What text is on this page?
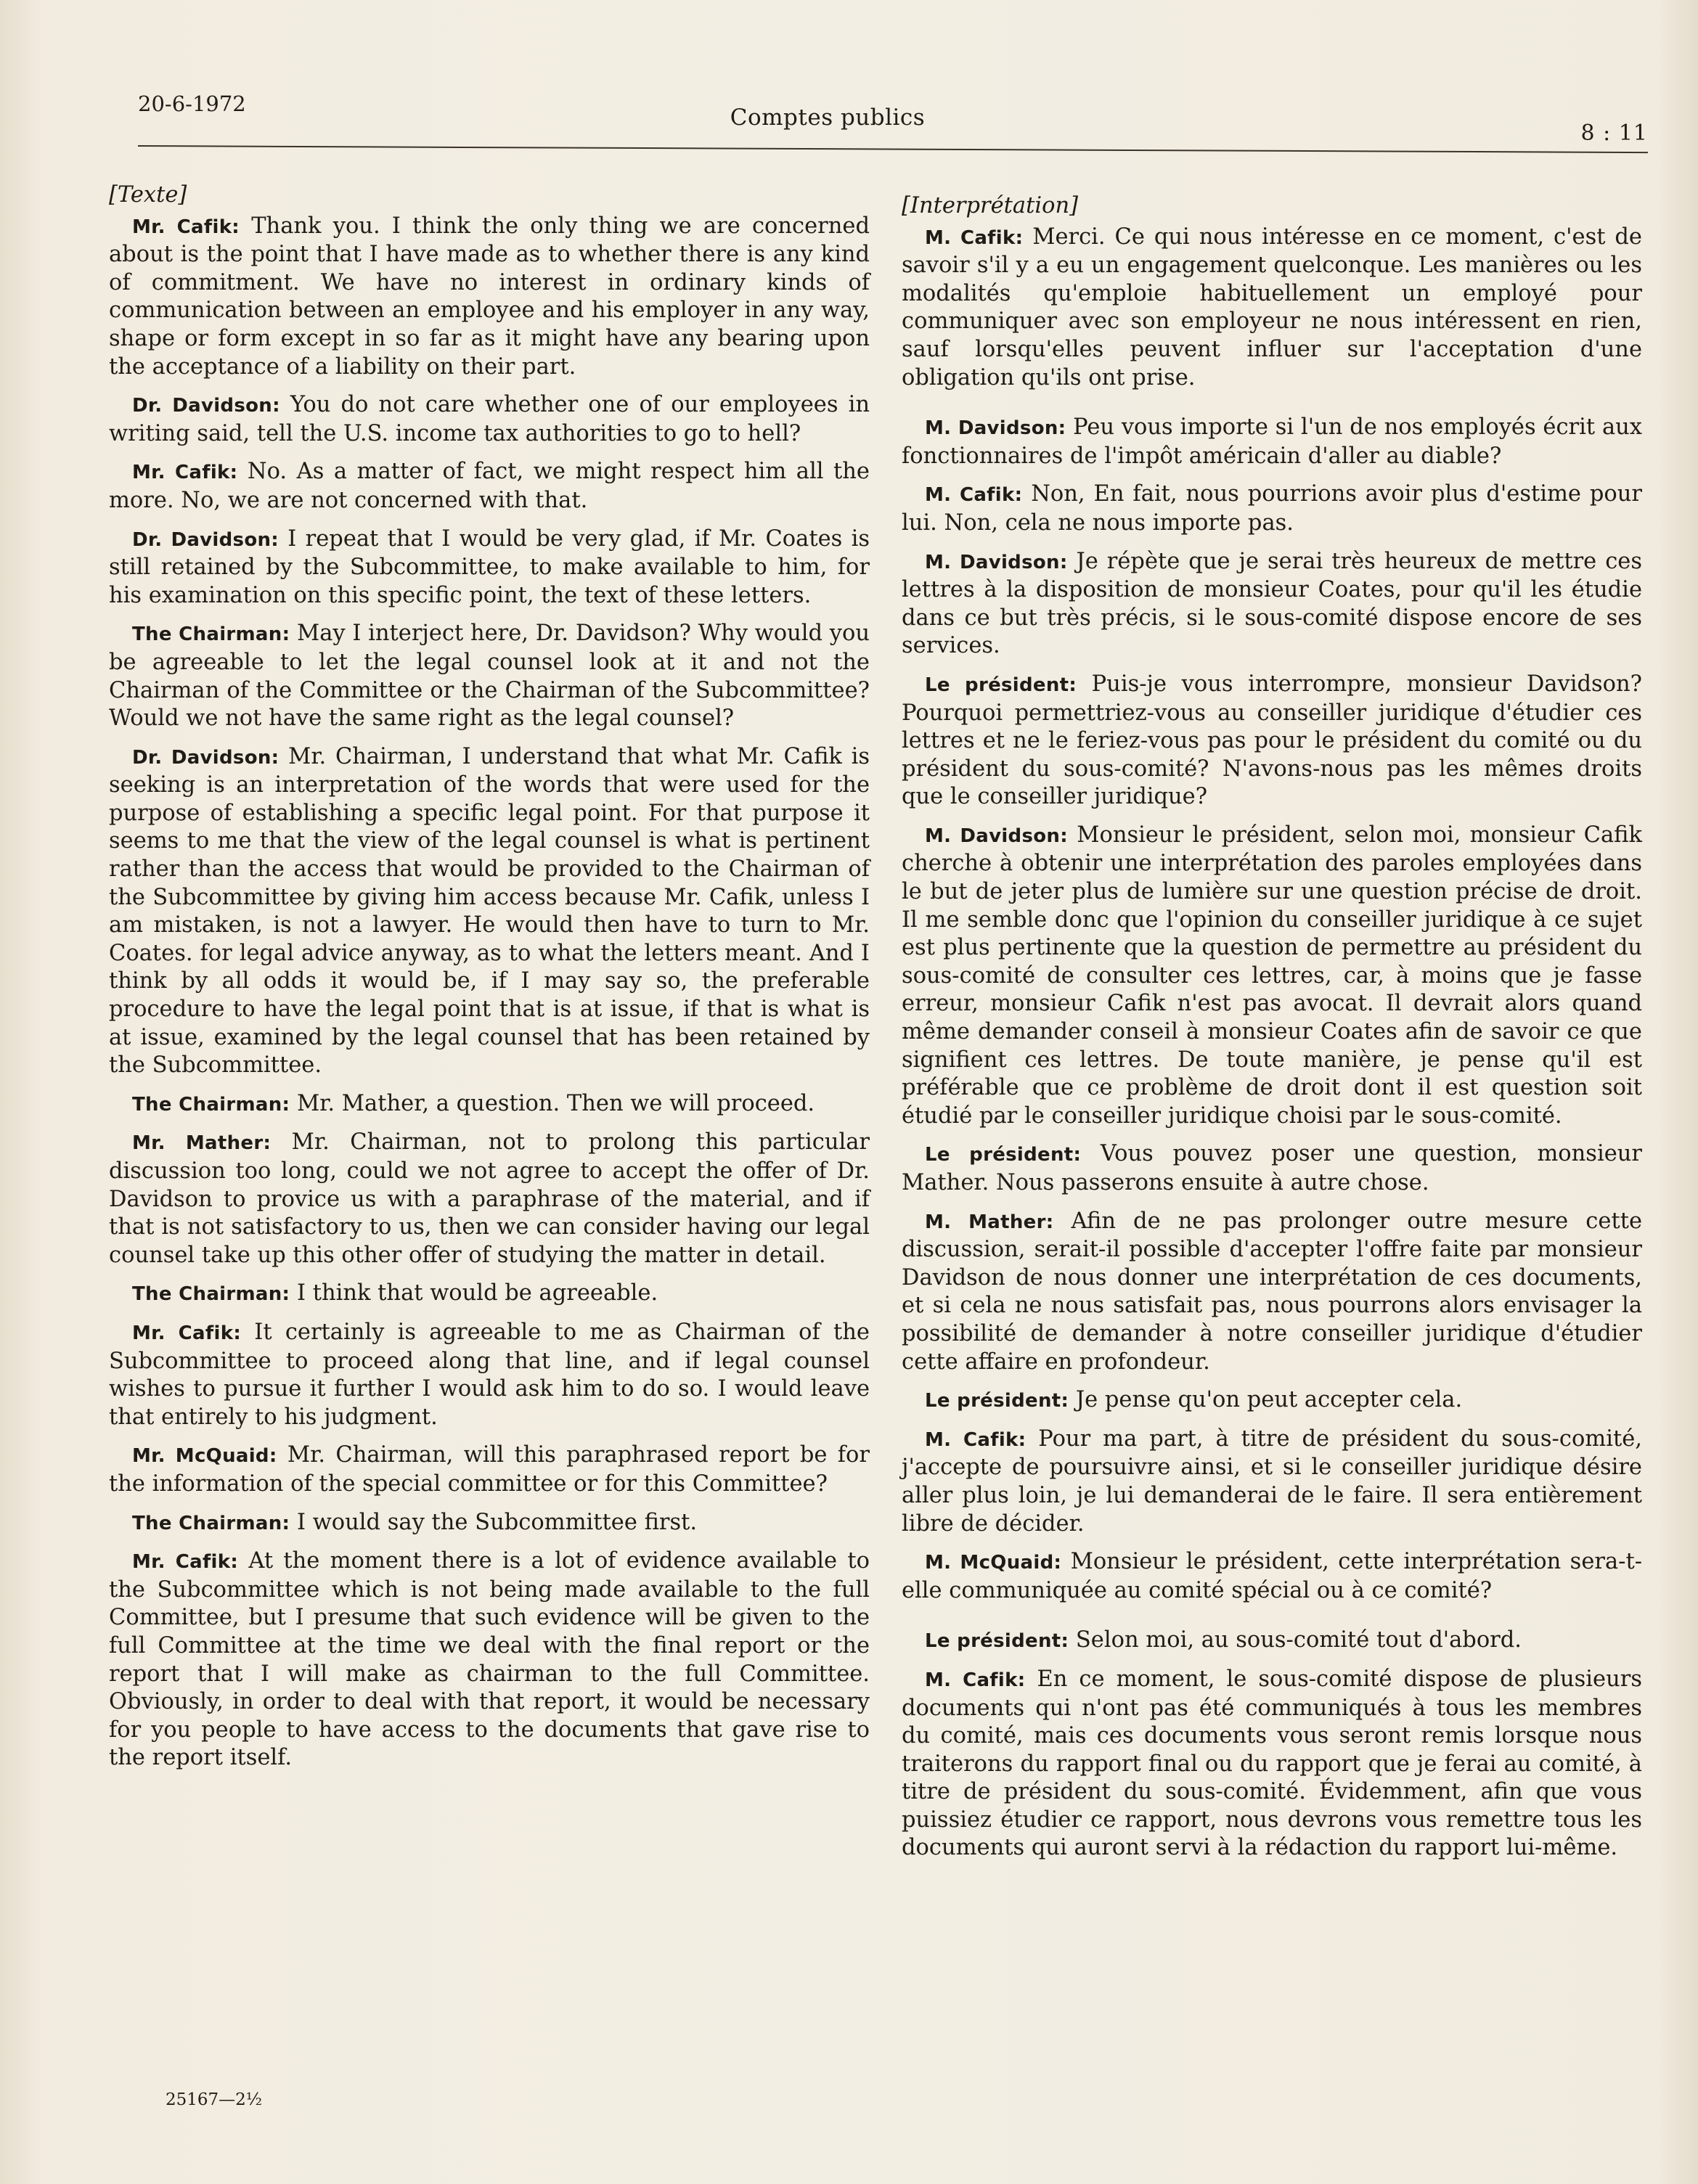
20-6-1972
Comptes publics
8 : 11
[Texte]

Mr. Cafik: Thank you. I think the only thing we are concerned about is the point that I have made as to whether there is any kind of commitment. We have no interest in ordinary kinds of communication between an employee and his employer in any way, shape or form except in so far as it might have any bearing upon the acceptance of a liability on their part.

Dr. Davidson: You do not care whether one of our employees in writing said, tell the U.S. income tax authorities to go to hell?

Mr. Cafik: No. As a matter of fact, we might respect him all the more. No, we are not concerned with that.

Dr. Davidson: I repeat that I would be very glad, if Mr. Coates is still retained by the Subcommittee, to make available to him, for his examination on this specific point, the text of these letters.

The Chairman: May I interject here, Dr. Davidson? Why would you be agreeable to let the legal counsel look at it and not the Chairman of the Committee or the Chairman of the Subcommittee? Would we not have the same right as the legal counsel?

Dr. Davidson: Mr. Chairman, I understand that what Mr. Cafik is seeking is an interpretation of the words that were used for the purpose of establishing a specific legal point. For that purpose it seems to me that the view of the legal counsel is what is pertinent rather than the access that would be provided to the Chairman of the Subcommittee by giving him access because Mr. Cafik, unless I am mistaken, is not a lawyer. He would then have to turn to Mr. Coates. for legal advice anyway, as to what the letters meant. And I think by all odds it would be, if I may say so, the preferable procedure to have the legal point that is at issue, if that is what is at issue, examined by the legal counsel that has been retained by the Subcommittee.

The Chairman: Mr. Mather, a question. Then we will proceed.

Mr. Mather: Mr. Chairman, not to prolong this particular discussion too long, could we not agree to accept the offer of Dr. Davidson to provice us with a paraphrase of the material, and if that is not satisfactory to us, then we can consider having our legal counsel take up this other offer of studying the matter in detail.

The Chairman: I think that would be agreeable.

Mr. Cafik: It certainly is agreeable to me as Chairman of the Subcommittee to proceed along that line, and if legal counsel wishes to pursue it further I would ask him to do so. I would leave that entirely to his judgment.

Mr. McQuaid: Mr. Chairman, will this paraphrased report be for the information of the special committee or for this Committee?

The Chairman: I would say the Subcommittee first.

Mr. Cafik: At the moment there is a lot of evidence available to the Subcommittee which is not being made available to the full Committee, but I presume that such evidence will be given to the full Committee at the time we deal with the final report or the report that I will make as chairman to the full Committee. Obviously, in order to deal with that report, it would be necessary for you people to have access to the documents that gave rise to the report itself.

[Interprétation]

M. Cafik: Merci. Ce qui nous intéresse en ce moment, c'est de savoir s'il y a eu un engagement quelconque. Les manières ou les modalités qu'emploie habituellement un employé pour communiquer avec son employeur ne nous intéressent en rien, sauf lorsqu'elles peuvent influer sur l'acceptation d'une obligation qu'ils ont prise.

M. Davidson: Peu vous importe si l'un de nos employés écrit aux fonctionnaires de l'impôt américain d'aller au diable?

M. Cafik: Non, En fait, nous pourrions avoir plus d'estime pour lui. Non, cela ne nous importe pas.

M. Davidson: Je répète que je serai très heureux de mettre ces lettres à la disposition de monsieur Coates, pour qu'il les étudie dans ce but très précis, si le sous-comité dispose encore de ses services.

Le président: Puis-je vous interrompre, monsieur Davidson? Pourquoi permettriez-vous au conseiller juridique d'étudier ces lettres et ne le feriez-vous pas pour le président du comité ou du président du sous-comité? N'avons-nous pas les mêmes droits que le conseiller juridique?

M. Davidson: Monsieur le président, selon moi, monsieur Cafik cherche à obtenir une interprétation des paroles employées dans le but de jeter plus de lumière sur une question précise de droit. Il me semble donc que l'opinion du conseiller juridique à ce sujet est plus pertinente que la question de permettre au président du sous-comité de consulter ces lettres, car, à moins que je fasse erreur, monsieur Cafik n'est pas avocat. Il devrait alors quand même demander conseil à monsieur Coates afin de savoir ce que signifient ces lettres. De toute manière, je pense qu'il est préférable que ce problème de droit dont il est question soit étudié par le conseiller juridique choisi par le sous-comité.

Le président: Vous pouvez poser une question, monsieur Mather. Nous passerons ensuite à autre chose.

M. Mather: Afin de ne pas prolonger outre mesure cette discussion, serait-il possible d'accepter l'offre faite par monsieur Davidson de nous donner une interprétation de ces documents, et si cela ne nous satisfait pas, nous pourrons alors envisager la possibilité de demander à notre conseiller juridique d'étudier cette affaire en profondeur.

Le président: Je pense qu'on peut accepter cela.

M. Cafik: Pour ma part, à titre de président du sous-comité, j'accepte de poursuivre ainsi, et si le conseiller juridique désire aller plus loin, je lui demanderai de le faire. Il sera entièrement libre de décider.

M. McQuaid: Monsieur le président, cette interprétation sera-t-elle communiquée au comité spécial ou à ce comité?

Le président: Selon moi, au sous-comité tout d'abord.

M. Cafik: En ce moment, le sous-comité dispose de plusieurs documents qui n'ont pas été communiqués à tous les membres du comité, mais ces documents vous seront remis lorsque nous traiterons du rapport final ou du rapport que je ferai au comité, à titre de président du sous-comité. Évidemment, afin que vous puissiez étudier ce rapport, nous devrons vous remettre tous les documents qui auront servi à la rédaction du rapport lui-même.

25167—2½
